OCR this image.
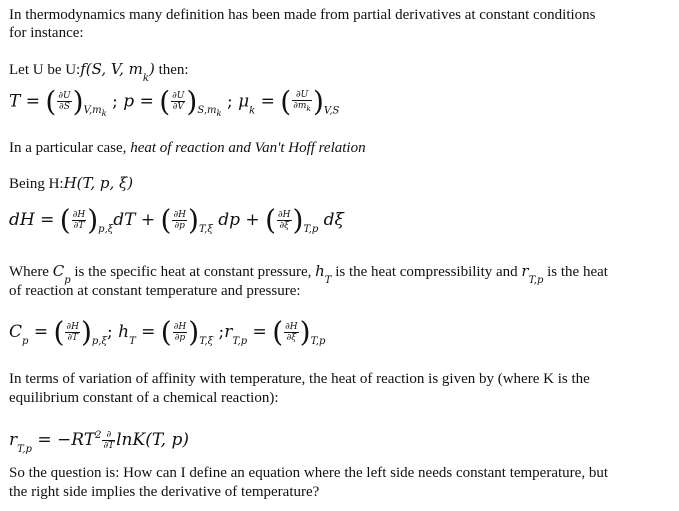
In thermodynamics many definition has been made from partial derivatives at constant conditions
for instance:
Let U be U:f(S, V, $m_k$) then:
T = ( $\frac{\partial U}{\partial S} )_{V,m_k}$ ; p = ( $\frac{\partial U}{\partial V} )_{S,m_k}$ ; $\mu_k$ = ( $\frac{\partial U}{\partial m_k} )_{V,S}$
In a particular case, heat of reaction and Van't Hoff relation
Being H:H(T, p, ξ)
dH = ( $\frac{\partial H}{\partial T} )_{p,\xi}dT$ + ( $\frac{\partial H}{\partial p} )_{T,\xi}$ dp + ( $\frac{\partial H}{\partial\xi} )_{T,p}$ dξ
Where $C_p$ is the specific heat at constant pressure, $h_T$ is the heat compressibility and $r_{T,p}$ is the heat
of reaction at constant temperature and pressure:
$C_p$ = ( $\frac{\partial H}{\partial T} )_{p,\xi}$; $h_T$ = ( $\frac{\partial H}{\partial p} )_{T,\xi}$ $;r_{T,p}$ = ( $\frac{\partial H}{\partial\xi} )_{T,p}$
In terms of variation of affinity with temperature, the heat of reaction is given by (where K is the
equilibrium constant of a chemical reaction):
$r_{T,p} = -RT^2 \frac{\partial}{\partial T} \ln K(T$, p)
So the question is: How can I define an equation where the left side needs constant temperature, but
the right side implies the derivative of temperature?
